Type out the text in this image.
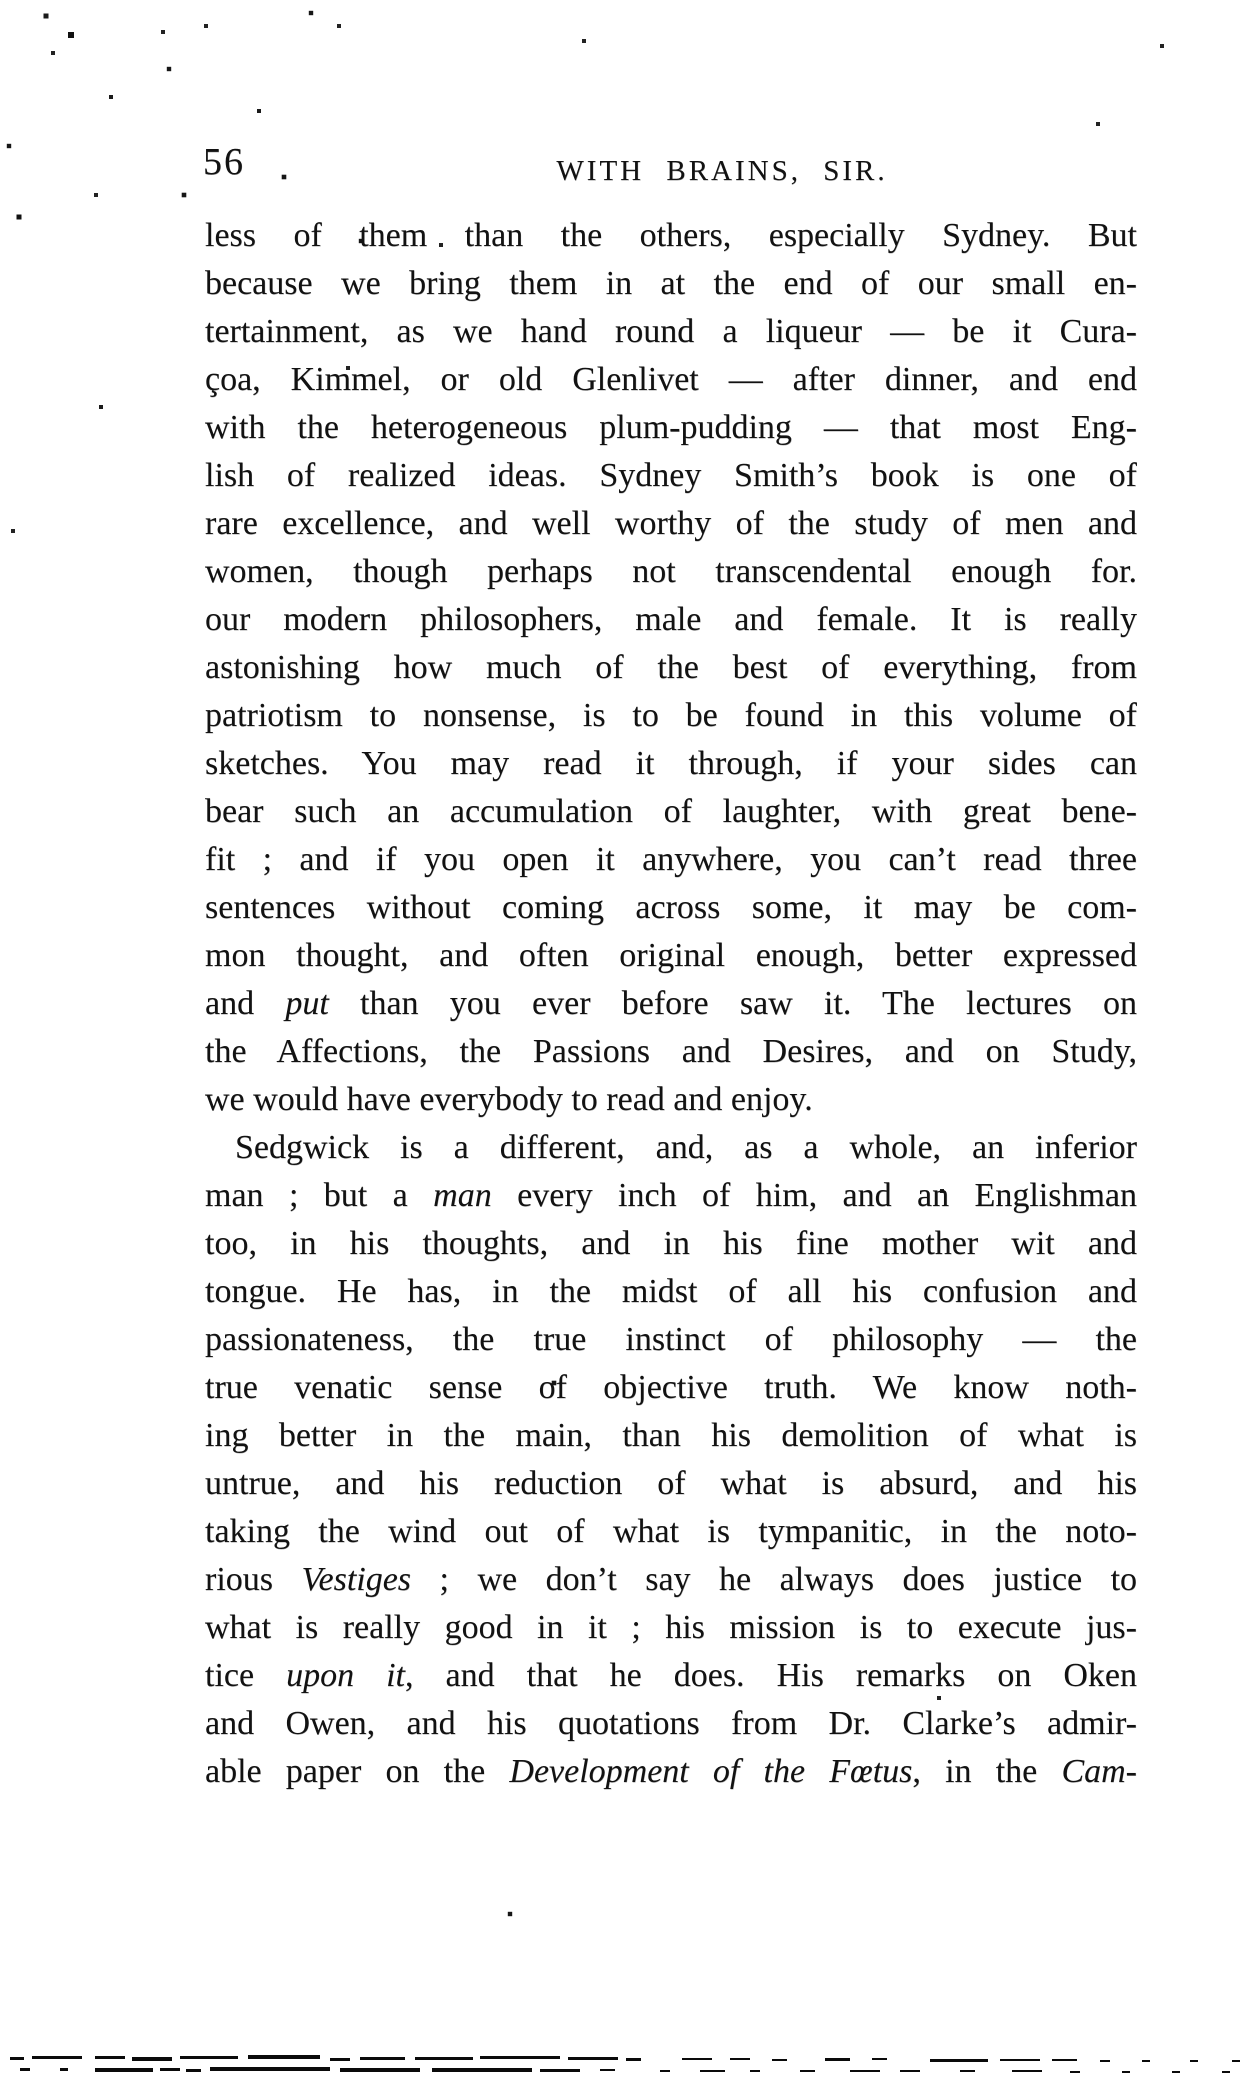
56	WITH BRAINS, SIR.
less of them than the others, especially Sydney. But
because we bring them in at the end of our small en-
tertainment, as we hand round a liqueur — be it Cura-
çoa, Kimmel, or old Glenlivet — after dinner, and end
with the heterogeneous plum-pudding — that most Eng-
lish of realized ideas. Sydney Smith’s book is one of
rare excellence, and well worthy of the study of men and
women, though perhaps not transcendental enough for.
our modern philosophers, male and female. It is really
astonishing how much of the best of everything, from
patriotism to nonsense, is to be found in this volume of
sketches. You may read it through, if your sides can
bear such an accumulation of laughter, with great bene-
fit ; and if you open it anywhere, you can’t read three
sentences without coming across some, it may be com-
mon thought, and often original enough, better expressed
and put than you ever before saw it. The lectures on
the Affections, the Passions and Desires, and on Study,
we would have everybody to read and enjoy.
Sedgwick is a different, and, as a whole, an inferior
man ; but a man every inch of him, and an Englishman
too, in his thoughts, and in his fine mother wit and
tongue. He has, in the midst of all his confusion and
passionateness, the true instinct of philosophy — the
true venatic sense of objective truth. We know noth-
ing better in the main, than his demolition of what is
untrue, and his reduction of what is absurd, and his
taking the wind out of what is tympanitic, in the noto-
rious Vestiges ; we don’t say he always does justice to
what is really good in it ; his mission is to execute jus-
tice upon it, and that he does. His remarks on Oken
and Owen, and his quotations from Dr. Clarke’s admir-
able paper on the Development of the Fœtus, in the Cam-
